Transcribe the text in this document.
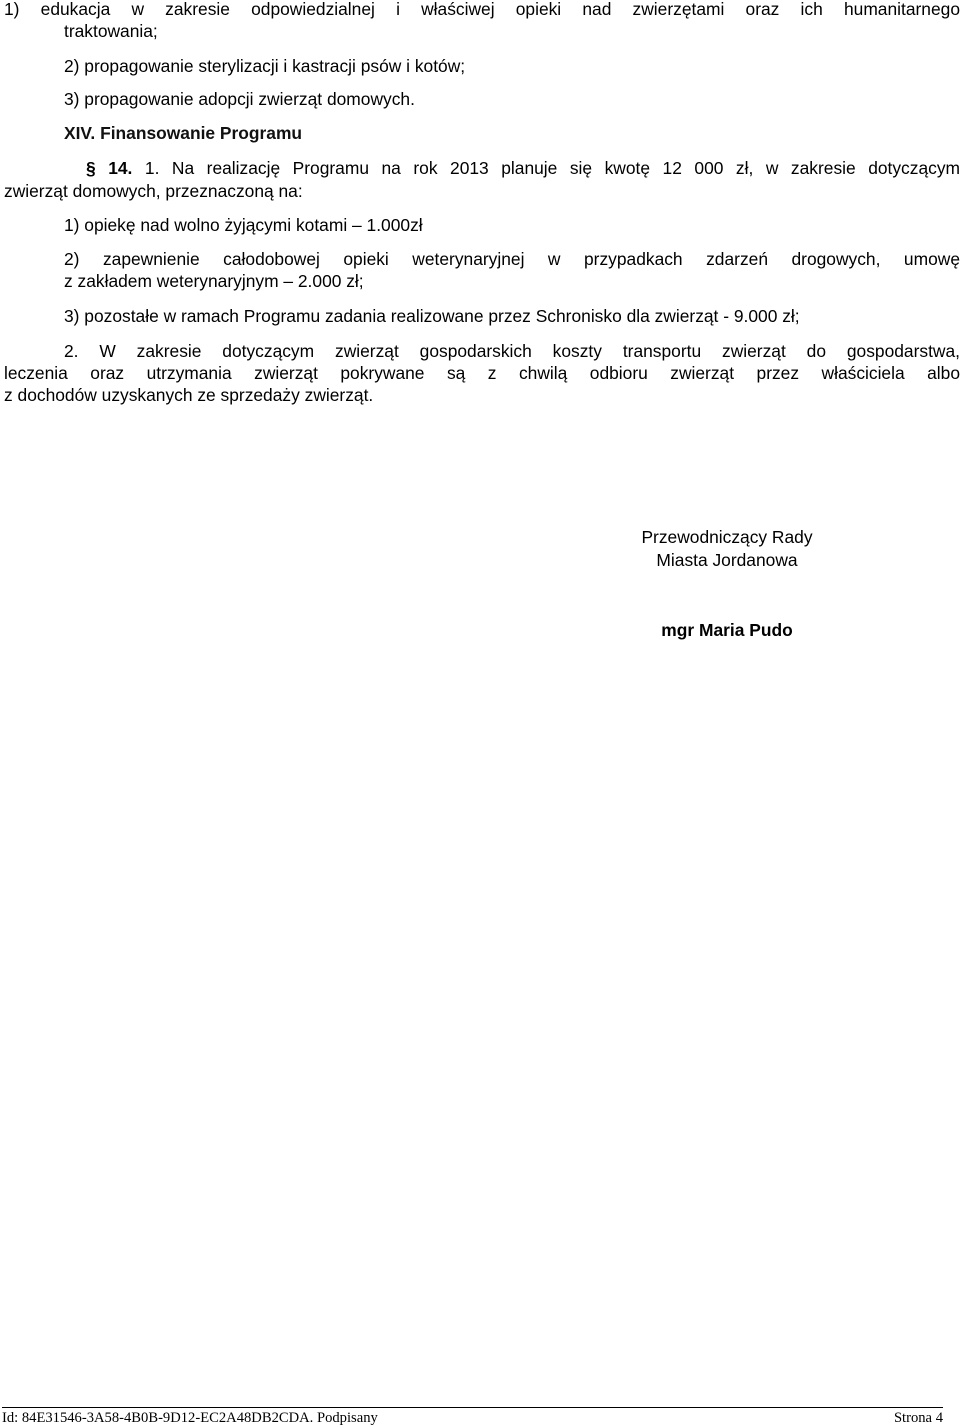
1) edukacja w zakresie odpowiedzialnej i właściwej opieki nad zwierzętami oraz ich humanitarnego
traktowania;
2) propagowanie sterylizacji i kastracji psów i kotów;
3) propagowanie adopcji zwierząt domowych.
XIV. Finansowanie Programu
§ 14. 1. Na realizację Programu na rok 2013 planuje się kwotę 12 000 zł, w zakresie dotyczącym
zwierząt domowych, przeznaczoną na:
1) opiekę nad wolno żyjącymi kotami – 1.000zł
2) zapewnienie całodobowej opieki weterynaryjnej w przypadkach zdarzeń drogowych, umowę
z zakładem weterynaryjnym – 2.000 zł;
3) pozostałe w ramach Programu zadania realizowane przez Schronisko dla zwierząt - 9.000 zł;
2. W zakresie dotyczącym zwierząt gospodarskich koszty transportu zwierząt do gospodarstwa,
leczenia oraz utrzymania zwierząt pokrywane są z chwilą odbioru zwierząt przez właściciela albo
z dochodów uzyskanych ze sprzedaży zwierząt.
Przewodniczący Rady
Miasta Jordanowa
mgr Maria Pudo
Id: 84E31546-3A58-4B0B-9D12-EC2A48DB2CDA. Podpisany	Strona 4
